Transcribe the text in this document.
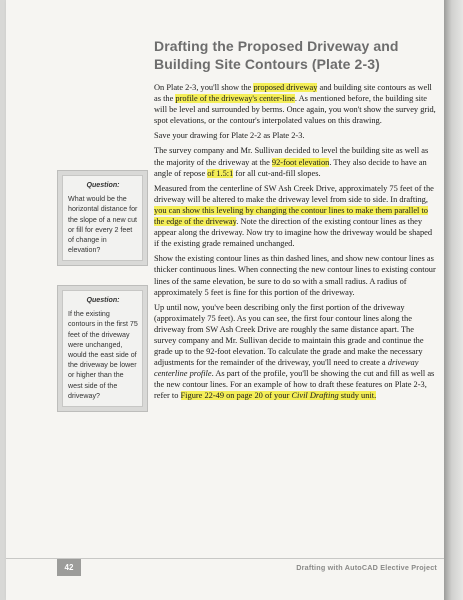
Drafting the Proposed Driveway and
Building Site Contours (Plate 2-3)

On Plate 2-3, you'll show the proposed driveway and building site contours as well as the profile of the driveway's center-line. As mentioned before, the building site will be level and surrounded by berms. Once again, you won't show the survey grid, spot elevations, or the contour's interpolated values on this drawing.

Save your drawing for Plate 2-2 as Plate 2-3.

The survey company and Mr. Sullivan decided to level the building site as well as the majority of the driveway at the 92-foot elevation. They also decide to have an angle of repose of 1.5:1 for all cut-and-fill slopes.

Measured from the centerline of SW Ash Creek Drive, approximately 75 feet of the driveway will be altered to make the driveway level from side to side. In drafting, you can show this leveling by changing the contour lines to make them parallel to the edge of the driveway. Note the direction of the existing contour lines as they appear along the driveway. Now try to imagine how the driveway would be shaped if the existing grade remained unchanged.

Show the existing contour lines as thin dashed lines, and show new contour lines as thicker continuous lines. When connecting the new contour lines to existing contour lines of the same elevation, be sure to do so with a small radius. A radius of approximately 5 feet is fine for this portion of the driveway.

Up until now, you've been describing only the first portion of the driveway (approximately 75 feet). As you can see, the first four contour lines along the driveway from SW Ash Creek Drive are roughly the same distance apart. The survey company and Mr. Sullivan decide to maintain this grade and continue the grade up to the 92-foot elevation. To calculate the grade and make the necessary adjustments for the remainder of the driveway, you'll need to create a driveway centerline profile. As part of the profile, you'll be showing the cut and fill as well as the new contour lines. For an example of how to draft these features on Plate 2-3, refer to Figure 22-49 on page 20 of your Civil Drafting study unit.

Question:
What would be the horizontal distance for the slope of a new cut or fill for every 2 feet of change in elevation?
Question:
If the existing contours in the first 75 feet of the driveway were unchanged, would the east side of the driveway be lower or higher than the west side of the driveway?
42	Drafting with AutoCAD Elective Project
